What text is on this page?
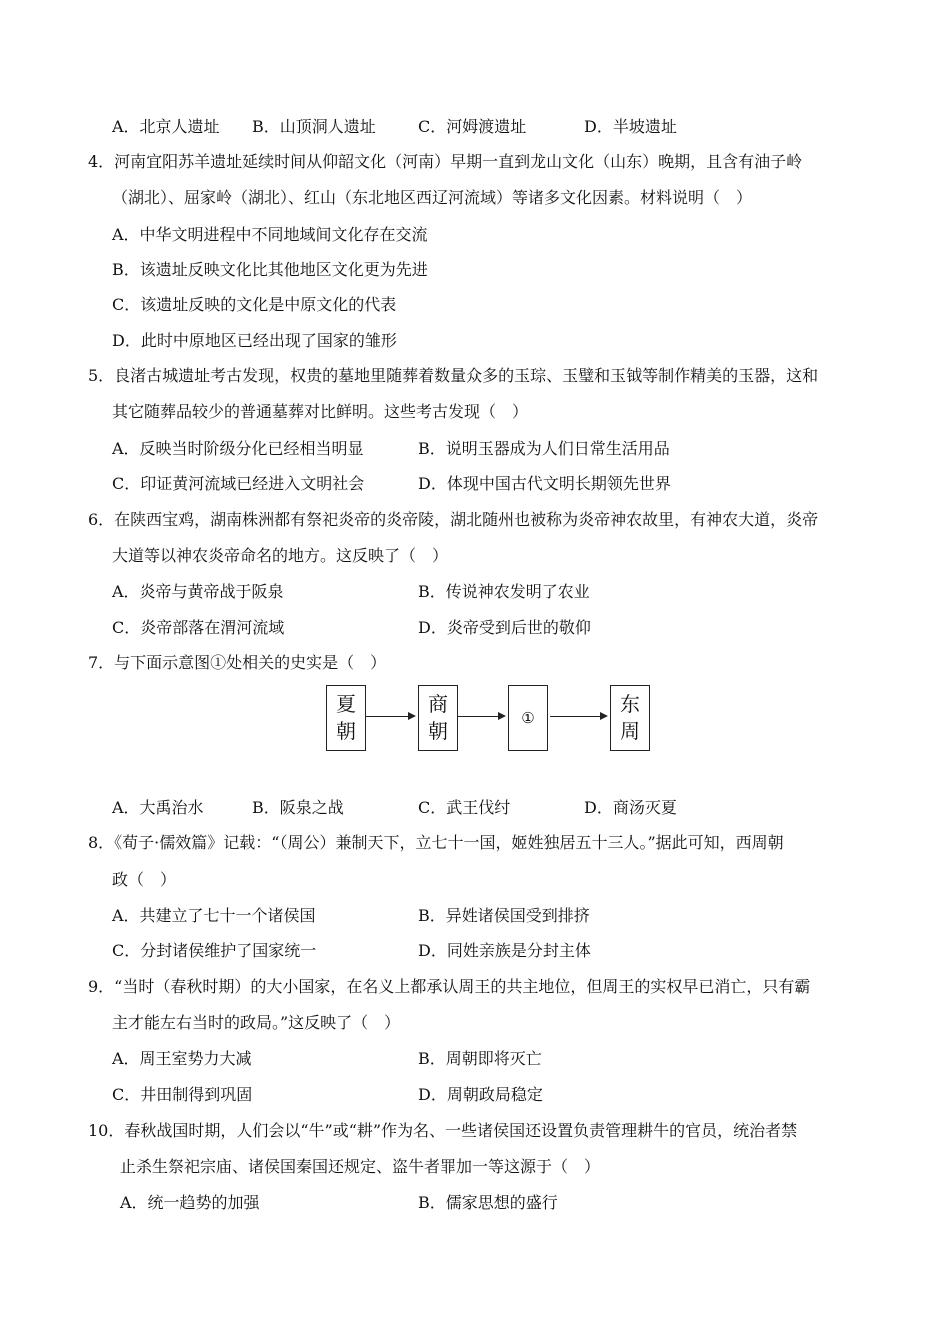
A．北京人遗址 B．山顶洞人遗址	C．河姆渡遗址	D．半坡遗址
4．河南宜阳苏羊遗址延续时间从仰韶文化（河南）早期一直到龙山文化（山东）晚期，且含有油子岭
（湖北）、屈家岭（湖北）、红山（东北地区西辽河流域）等诸多文化因素。材料说明（　）
A．中华文明进程中不同地域间文化存在交流
B．该遗址反映文化比其他地区文化更为先进
C．该遗址反映的文化是中原文化的代表
D．此时中原地区已经出现了国家的雏形
5．良渚古城遗址考古发现，权贵的墓地里随葬着数量众多的玉琮、玉璧和玉钺等制作精美的玉器，这和
其它随葬品较少的普通墓葬对比鲜明。这些考古发现（　）
A．反映当时阶级分化已经相当明显	B．说明玉器成为人们日常生活用品
C．印证黄河流域已经进入文明社会	D．体现中国古代文明长期领先世界
6．在陕西宝鸡，湖南株洲都有祭祀炎帝的炎帝陵，湖北随州也被称为炎帝神农故里，有神农大道，炎帝
大道等以神农炎帝命名的地方。这反映了（　）
A．炎帝与黄帝战于阪泉	B．传说神农发明了农业
C．炎帝部落在渭河流域	D．炎帝受到后世的敬仰
7．与下面示意图①处相关的史实是（　）
夏
朝
商
朝
①
东
周
A．大禹治水	B．阪泉之战	C．武王伐纣	D．商汤灭夏
8．《荀子·儒效篇》记载：“（周公）兼制天下，立七十一国，姬姓独居五十三人。”据此可知，西周朝
政（　）
A．共建立了七十一个诸侯国	B．异姓诸侯国受到排挤
C．分封诸侯维护了国家统一	D．同姓亲族是分封主体
9．“当时（春秋时期）的大小国家，在名义上都承认周王的共主地位，但周王的实权早已消亡，只有霸
主才能左右当时的政局。”这反映了（　）
A．周王室势力大减	B．周朝即将灭亡
C．井田制得到巩固	D．周朝政局稳定
10．春秋战国时期，人们会以“牛”或“耕”作为名、一些诸侯国还设置负责管理耕牛的官员，统治者禁
止杀生祭祀宗庙、诸侯国秦国还规定、盗牛者罪加一等这源于（　）
A．统一趋势的加强	B．儒家思想的盛行
